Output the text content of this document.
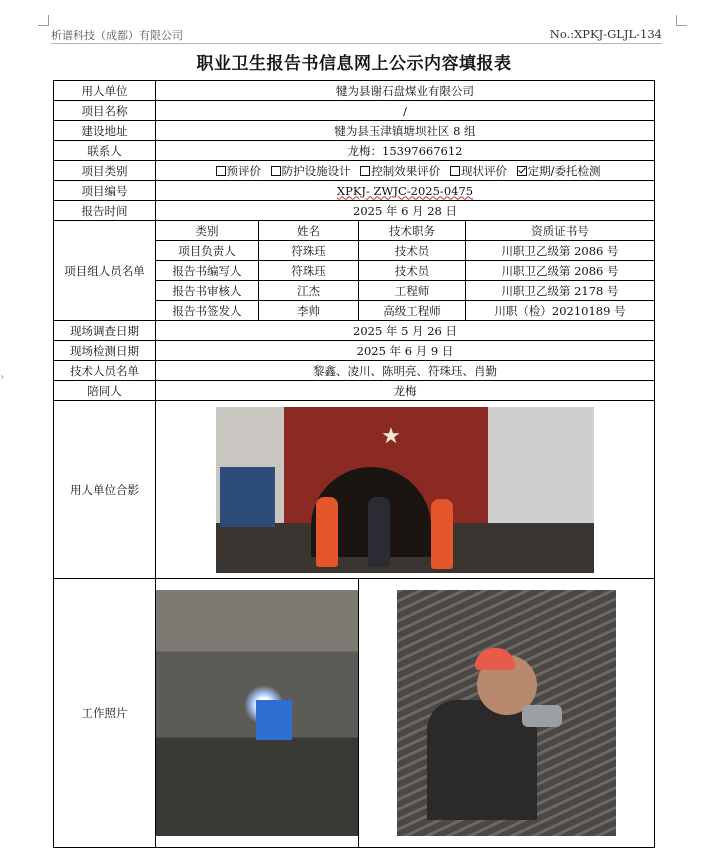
析谱科技（成都）有限公司	No.:XPKJ-GLJL-134
职业卫生报告书信息网上公示内容填报表
›
用人单位	犍为县谢石盘煤业有限公司			
项目名称	/			
建设地址	犍为县玉津镇塘坝社区 8 组			
联系人	龙梅：15397667612			
项目类别	预评价 防护设施设计 控制效果评价 现状评价 定期/委托检测			
项目编号	XPKJ- ZWJC-2025-0475			
报告时间	2025 年 6 月 28 日			
项目组人员名单	类别	姓名	技术职务	资质证书号
	项目负责人	符珠珏	技术员	川职卫乙级第 2086 号
	报告书编写人	符珠珏	技术员	川职卫乙级第 2086 号
	报告书审核人	江杰	工程师	川职卫乙级第 2178 号
	报告书签发人	李帅	高级工程师	川职（检）20210189 号
现场调查日期	2025 年 5 月 26 日			
现场检测日期	2025 年 6 月 9 日			
技术人员名单	黎鑫、凌川、陈明亮、符珠珏、肖勤			
陪同人	龙梅			
用人单位合影	★			

工作照片			
